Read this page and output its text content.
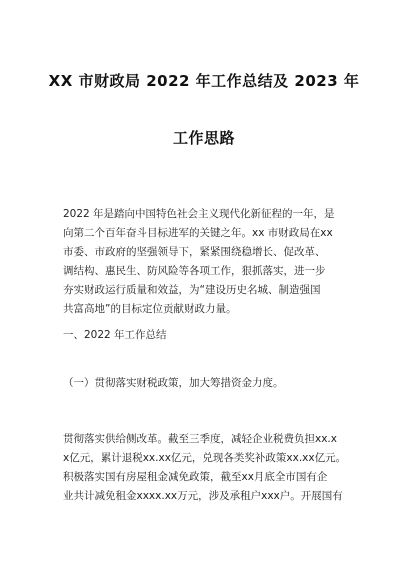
XX 市财政局 2022 年工作总结及 2023 年
工作思路
2022 年是踏向中国特色社会主义现代化新征程的一年，是
向第二个百年奋斗目标进军的关键之年。xx 市财政局在xx
市委、市政府的坚强领导下，紧紧围绕稳增长、促改革、
调结构、惠民生、防风险等各项工作，狠抓落实，进一步
夯实财政运行质量和效益，为“建设历史名城、制造强国
共富高地”的目标定位贡献财政力量。
一、2022 年工作总结
（一）贯彻落实财税政策，加大筹措资金力度。
贯彻落实供给侧改革。截至三季度，减轻企业税费负担xx.x
x亿元，累计退税xx.xx亿元，兑现各类奖补政策xx.xx亿元。
积极落实国有房屋租金减免政策，截至xx月底全市国有企
业共计减免租金xxxx.xx万元，涉及承租户xxx户。开展国有
